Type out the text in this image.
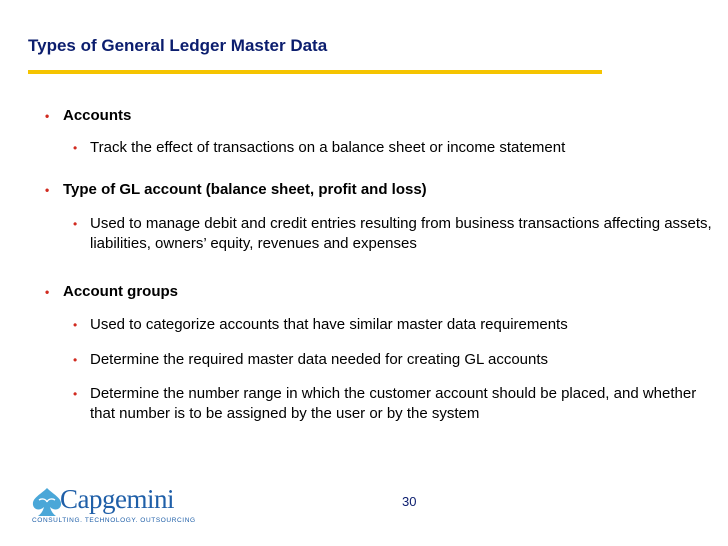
Types of General Ledger Master Data
• Accounts
• Track the effect of transactions on a balance sheet or income statement
• Type of GL account (balance sheet, profit and loss)
• Used to manage debit and credit entries resulting from business transactions affecting assets, liabilities, owners’ equity, revenues and expenses
• Account groups
• Used to categorize accounts that have similar master data requirements
• Determine the required master data needed for creating GL accounts
• Determine the number range in which the customer account should be placed, and whether that number is to be assigned by the user or by the system
Capgemini
CONSULTING. TECHNOLOGY. OUTSOURCING
30
